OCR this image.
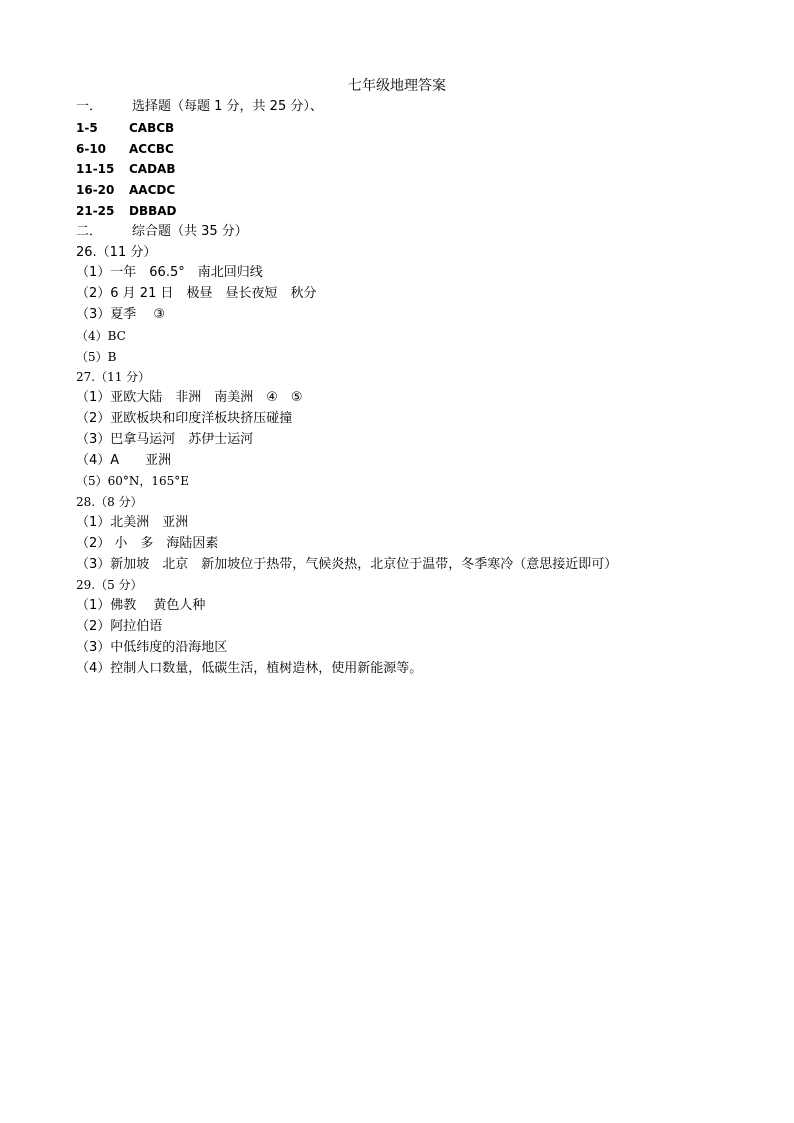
七年级地理答案
一． 选择题（每题 1 分，共 25 分）、
1-5	CABCB
6-10 ACCBC
11-15 CADAB
16-20 AACDC
21-25 DBBAD
二． 综合题（共 35 分）
26.（11 分）
（1）一年　66.5°　南北回归线
（2）6 月 21 日　极昼　昼长夜短　秋分
（3）夏季　 ③
（4）BC
（5）B
27.（11 分）
（1）亚欧大陆　非洲　南美洲　④　⑤
（2）亚欧板块和印度洋板块挤压碰撞
（3）巴拿马运河　苏伊士运河
（4）A　　亚洲
（5）60°N，165°E
28.（8 分）
（1）北美洲　亚洲
（2） 小　多　海陆因素
（3）新加坡　北京　新加坡位于热带，气候炎热，北京位于温带，冬季寒冷（意思接近即可）
29.（5 分）
（1）佛教　 黄色人种
（2）阿拉伯语
（3）中低纬度的沿海地区
（4）控制人口数量，低碳生活，植树造林，使用新能源等。
